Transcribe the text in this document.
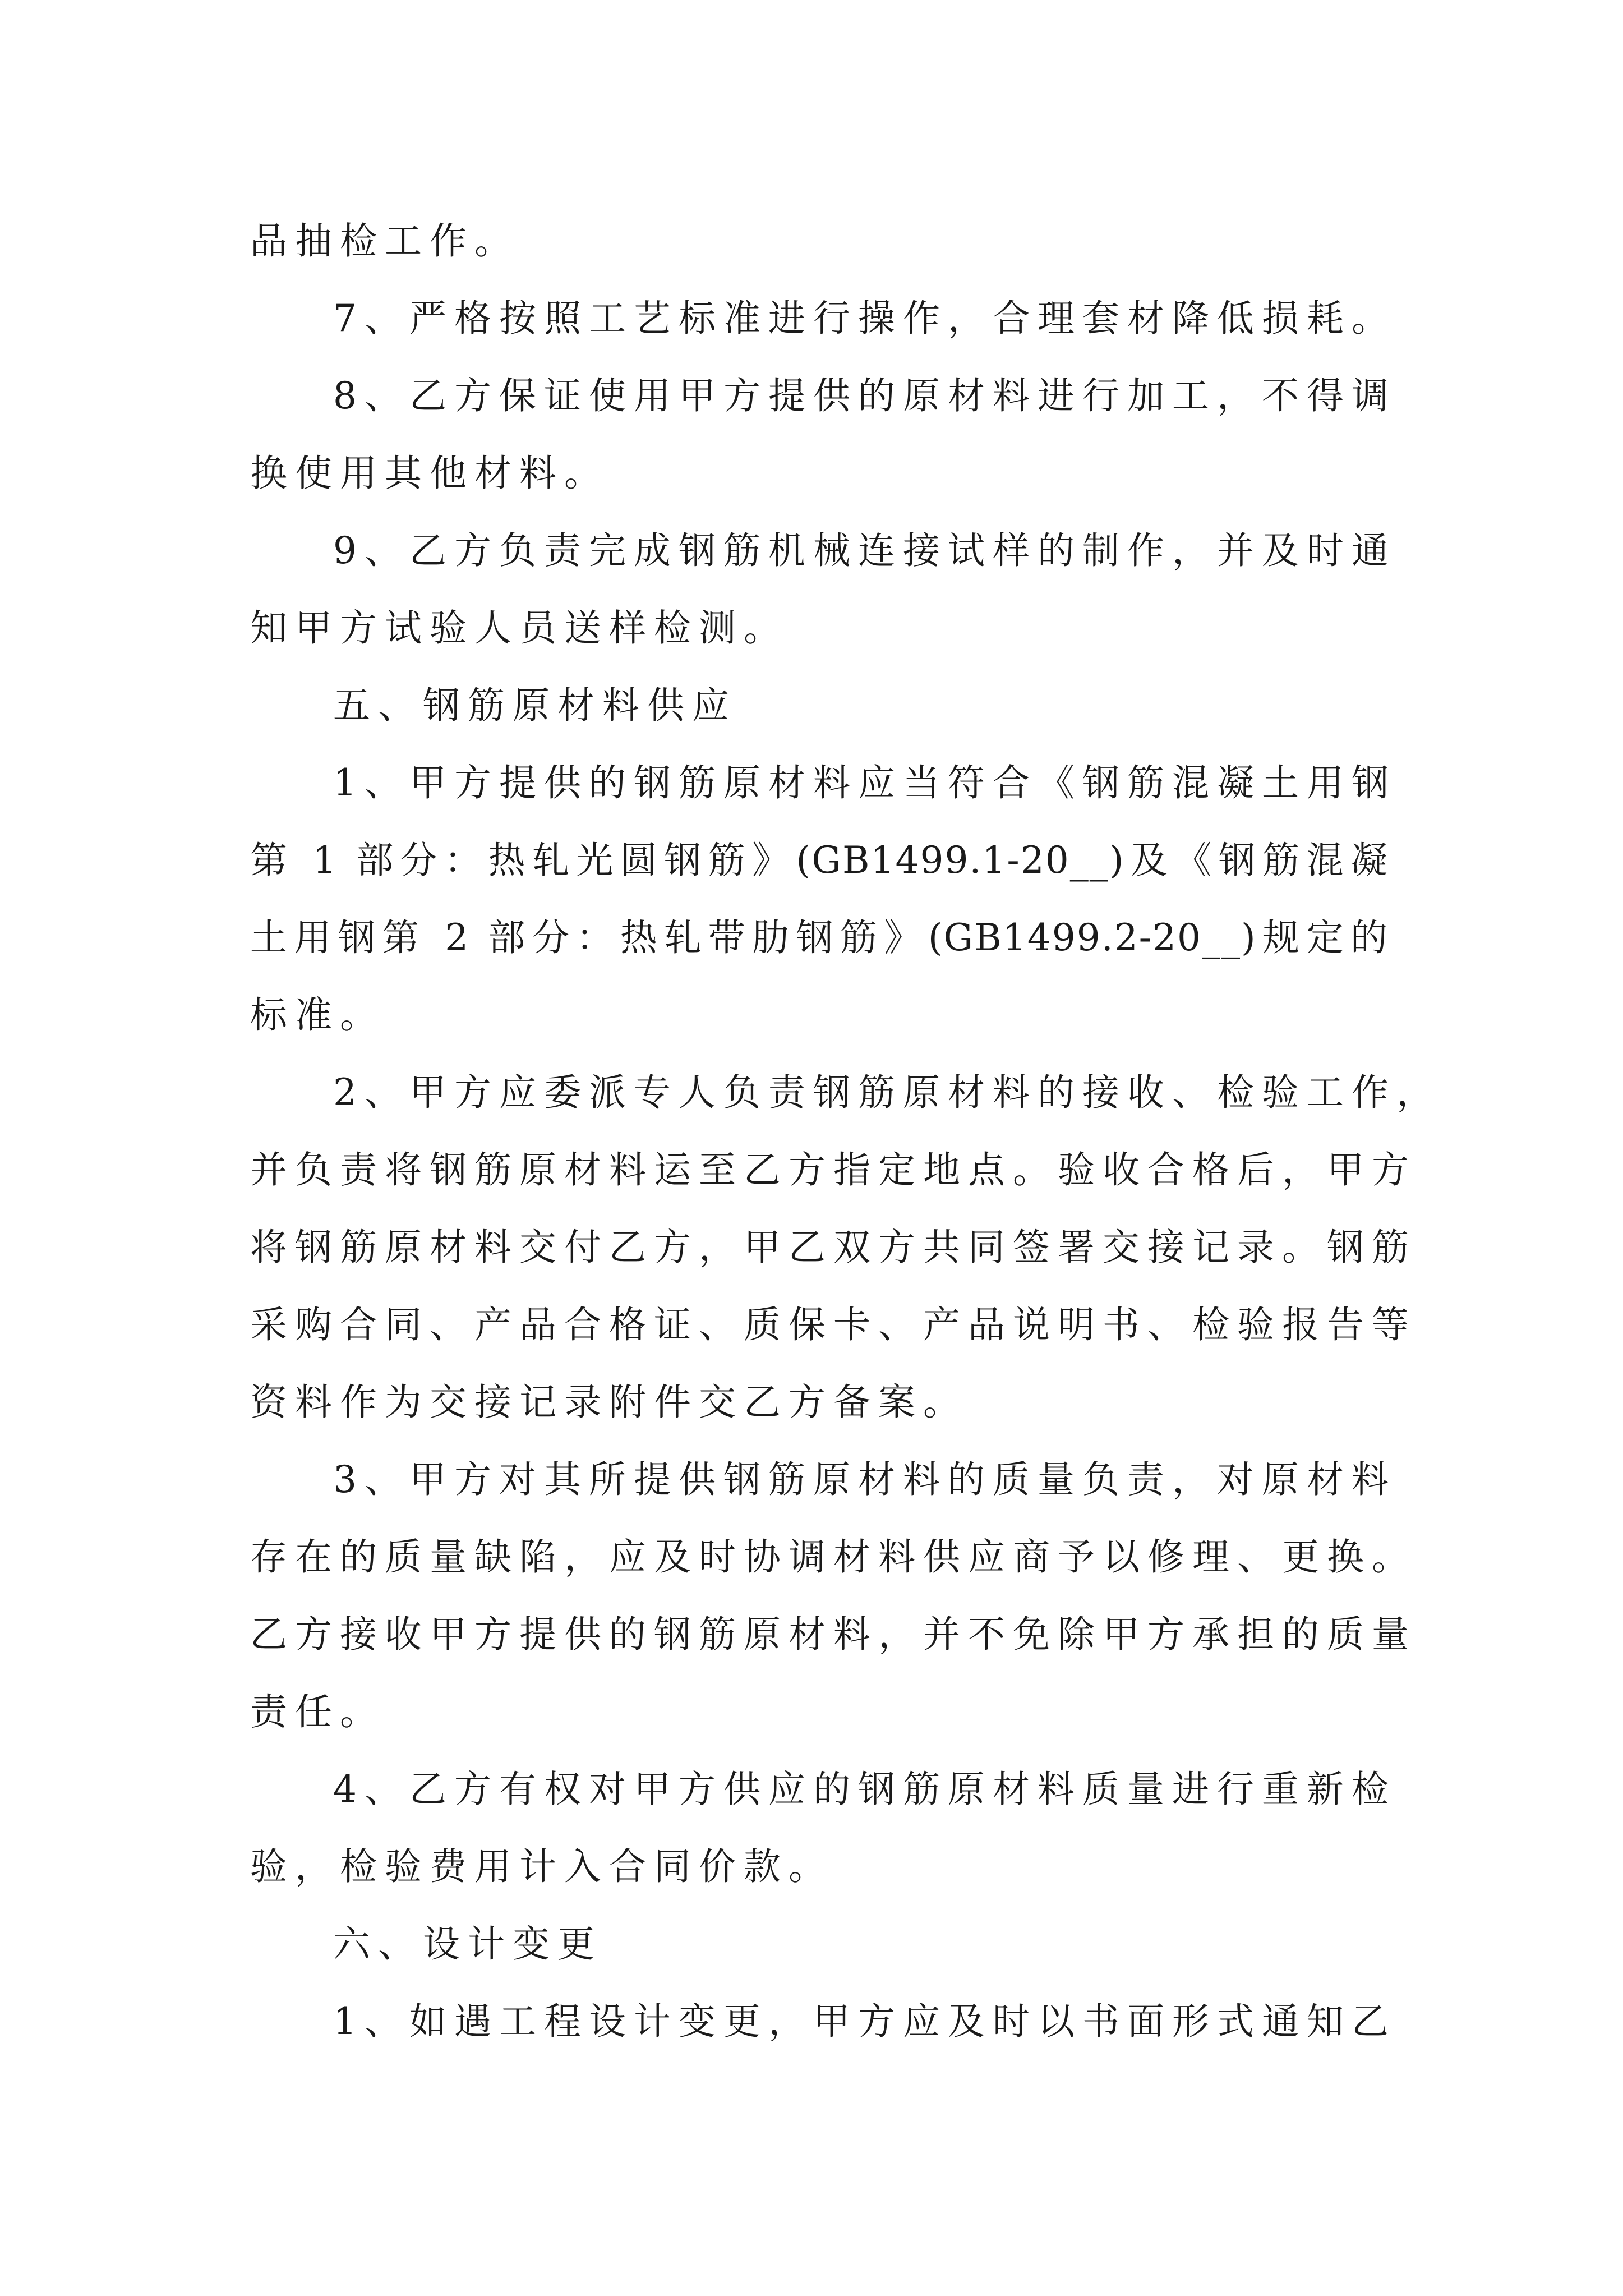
品抽检工作。
7、严格按照工艺标准进行操作，合理套材降低损耗。
8、乙方保证使用甲方提供的原材料进行加工，不得调
换使用其他材料。
9、乙方负责完成钢筋机械连接试样的制作，并及时通
知甲方试验人员送样检测。
五、钢筋原材料供应
1、甲方提供的钢筋原材料应当符合《钢筋混凝土用钢
第 1 部分：热轧光圆钢筋》(GB1499.1-20__)及《钢筋混凝
土用钢第 2 部分：热轧带肋钢筋》(GB1499.2-20__)规定的
标准。
2、甲方应委派专人负责钢筋原材料的接收、检验工作，
并负责将钢筋原材料运至乙方指定地点。验收合格后，甲方
将钢筋原材料交付乙方，甲乙双方共同签署交接记录。钢筋
采购合同、产品合格证、质保卡、产品说明书、检验报告等
资料作为交接记录附件交乙方备案。
3、甲方对其所提供钢筋原材料的质量负责，对原材料
存在的质量缺陷，应及时协调材料供应商予以修理、更换。
乙方接收甲方提供的钢筋原材料，并不免除甲方承担的质量
责任。
4、乙方有权对甲方供应的钢筋原材料质量进行重新检
验，检验费用计入合同价款。
六、设计变更
1、如遇工程设计变更，甲方应及时以书面形式通知乙
